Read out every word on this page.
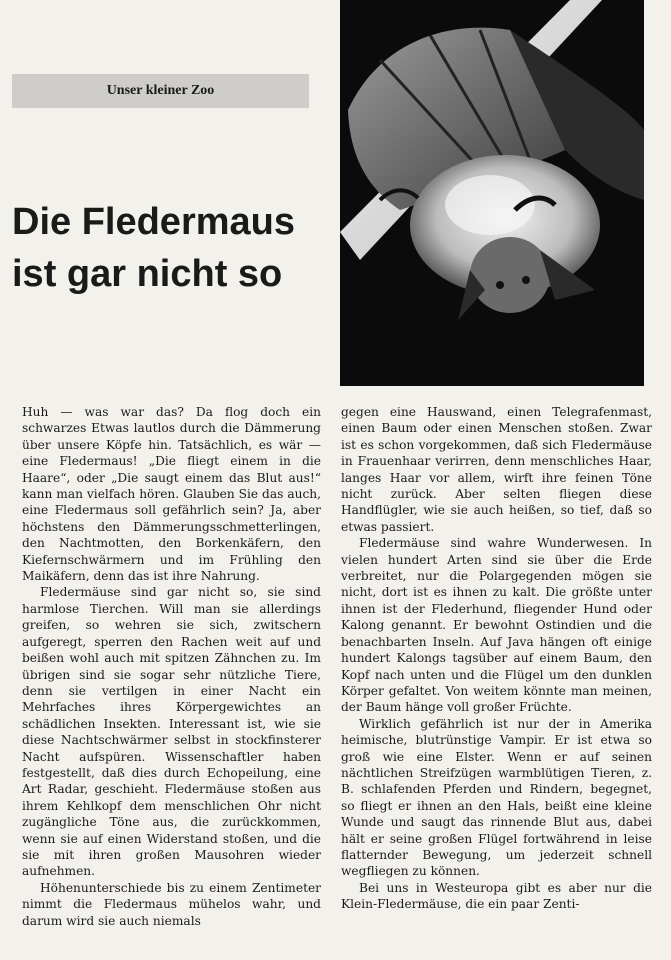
Unser kleiner Zoo
Die Fledermaus
ist gar nicht so

Huh — was war das? Da flog doch ein schwarzes Etwas lautlos durch die Dämmerung über unsere Köpfe hin. Tatsächlich, es wär — eine Fledermaus! „Die fliegt einem in die Haare“, oder „Die saugt einem das Blut aus!“ kann man vielfach hören. Glauben Sie das auch, eine Fledermaus soll gefährlich sein? Ja, aber höchstens den Dämmerungsschmetterlingen, den Nachtmotten, den Borkenkäfern, den Kiefernschwärmern und im Frühling den Maikäfern, denn das ist ihre Nahrung.

Fledermäuse sind gar nicht so, sie sind harmlose Tierchen. Will man sie allerdings greifen, so wehren sie sich, zwitschern aufgeregt, sperren den Rachen weit auf und beißen wohl auch mit spitzen Zähnchen zu. Im übrigen sind sie sogar sehr nützliche Tiere, denn sie vertilgen in einer Nacht ein Mehrfaches ihres Körpergewichtes an schädlichen Insekten. Interessant ist, wie sie diese Nachtschwärmer selbst in stockfinsterer Nacht aufspüren. Wissenschaftler haben festgestellt, daß dies durch Echopeilung, eine Art Radar, geschieht. Fledermäuse stoßen aus ihrem Kehlkopf dem menschlichen Ohr nicht zugängliche Töne aus, die zurückkommen, wenn sie auf einen Widerstand stoßen, und die sie mit ihren großen Mausohren wieder aufnehmen.

Höhenunterschiede bis zu einem Zentimeter nimmt die Fledermaus mühelos wahr, und darum wird sie auch niemals

gegen eine Hauswand, einen Telegrafenmast, einen Baum oder einen Menschen stoßen. Zwar ist es schon vorgekommen, daß sich Fledermäuse in Frauenhaar verirren, denn menschliches Haar, langes Haar vor allem, wirft ihre feinen Töne nicht zurück. Aber selten fliegen diese Handflügler, wie sie auch heißen, so tief, daß so etwas passiert.

Fledermäuse sind wahre Wunderwesen. In vielen hundert Arten sind sie über die Erde verbreitet, nur die Polargegenden mögen sie nicht, dort ist es ihnen zu kalt. Die größte unter ihnen ist der Flederhund, fliegender Hund oder Kalong genannt. Er bewohnt Ostindien und die benachbarten Inseln. Auf Java hängen oft einige hundert Kalongs tagsüber auf einem Baum, den Kopf nach unten und die Flügel um den dunklen Körper gefaltet. Von weitem könnte man meinen, der Baum hänge voll großer Früchte.

Wirklich gefährlich ist nur der in Amerika heimische, blutrünstige Vampir. Er ist etwa so groß wie eine Elster. Wenn er auf seinen nächtlichen Streifzügen warmblütigen Tieren, z. B. schlafenden Pferden und Rindern, begegnet, so fliegt er ihnen an den Hals, beißt eine kleine Wunde und saugt das rinnende Blut aus, dabei hält er seine großen Flügel fortwährend in leise flatternder Bewegung, um jederzeit schnell wegfliegen zu können.

Bei uns in Westeuropa gibt es aber nur die Klein-Fledermäuse, die ein paar Zenti-
